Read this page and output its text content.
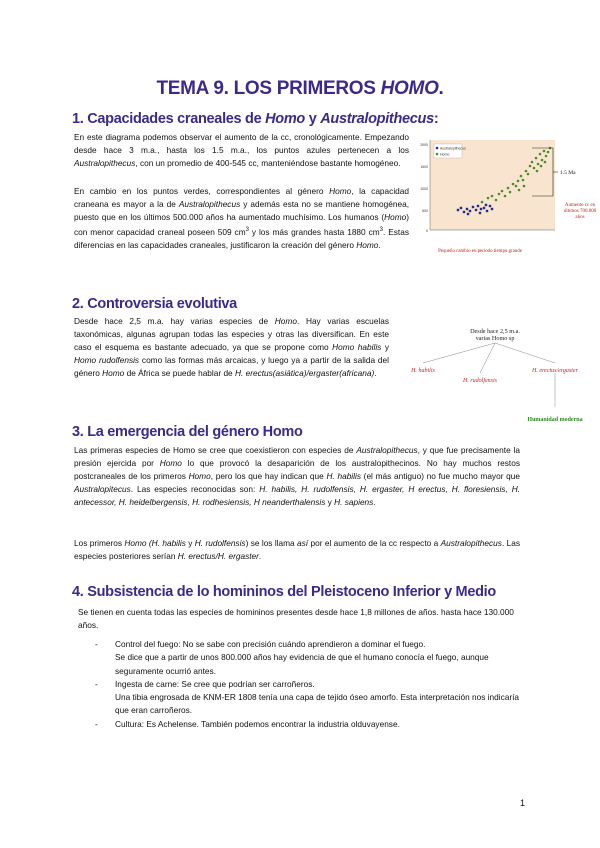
TEMA 9. LOS PRIMEROS HOMO.
1. Capacidades craneales de Homo y Australopithecus:

En este diagrama podemos observar el aumento de la cc, cronológicamente. Empezando desde hace 3 m.a., hasta los 1.5 m.a., los puntos azules pertenecen a los Australopithecus, con un promedio de 400-545 cc, manteniéndose bastante homogéneo.

En cambio en los puntos verdes, correspondientes al género Homo, la capacidad craneana es mayor a la de Australopithecus y además esta no se mantiene homogénea, puesto que en los últimos 500.000 años ha aumentado muchísimo. Los humanos (Homo) con menor capacidad craneal poseen 509 $cm^3$ y los más grandes hasta 1880 $cm^3$. Estas diferencias en las capacidades craneales, justificaron la creación del género Homo.

2000
1500
1000
500
0
Australopithecus
Homo
1.5 Ma
Aumento cc en últimos 700.000 años
Pequeño cambio en periodo tiempo grande
2. Controversia evolutiva

Desde hace 2,5 m.a. hay varias especies de Homo. Hay varias escuelas taxonómicas, algunas agrupan todas las especies y otras las diversifican. En este caso el esquema es bastante adecuado, ya que se propone como Homo habilis y Homo rudolfensis como las formas más arcaicas, y luego ya a partir de la salida del género Homo de África se puede hablar de H. erectus(asiática)/ergaster(africana).

Desde hace 2,5 m.a.
varias Homo sp
H. habilis
H. rudolfensis
H. erectus/ergaster
Humanidad moderna
3. La emergencia del género Homo

Las primeras especies de Homo se cree que coexistieron con especies de Australopithecus, y que fue precisamente la presión ejercida por Homo lo que provocó la desaparición de los australopithecinos. No hay muchos restos postcraneales de los primeros Homo, pero los que hay indican que H. habilis (el más antiguo) no fue mucho mayor que Australopitecus. Las especies reconocidas son: H. habilis, H. rudolfensis, H. ergaster, H erectus, H. floresiensis, H. antecessor, H. heidelbergensis, H. rodhesiensis, H neanderthalensis y H. sapiens.

Los primeros Homo (H. habilis y H. rudolfensis) se los llama así por el aumento de la cc respecto a Australopithecus. Las especies posteriores serían H. erectus/H. ergaster.

4. Subsistencia de lo homininos del Pleistoceno Inferior y Medio

Se tienen en cuenta todas las especies de homininos presentes desde hace 1,8 millones de años. hasta hace 130.000 años.

- Control del fuego: No se sabe con precisión cuándo aprendieron a dominar el fuego.
Se dice que a partir de unos 800.000 años hay evidencia de que el humano conocía el fuego, aunque seguramente ocurrió antes.
- Ingesta de carne: Se cree que podrían ser carroñeros.
Una tibia engrosada de KNM-ER 1808 tenía una capa de tejido óseo amorfo. Esta interpretación nos indicaría que eran carroñeros.
- Cultura: Es Achelense. También podemos encontrar la industria olduvayense.
1
